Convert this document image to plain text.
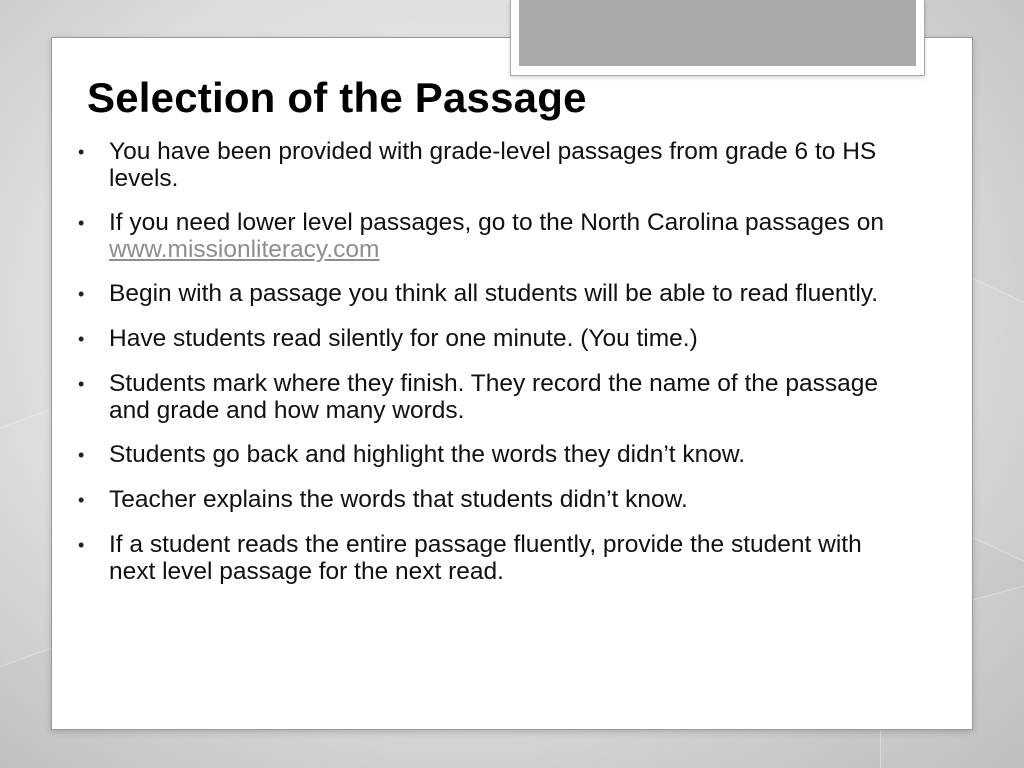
Selection of the Passage
•	You have been provided with grade-level passages from grade 6 to HS levels.
•	If you need lower level passages, go to the North Carolina passages on www.missionliteracy.com
•	Begin with a passage you think all students will be able to read fluently.
•	Have students read silently for one minute. (You time.)
•	Students mark where they finish. They record the name of the passage and grade and how many words.
•	Students go back and highlight the words they didn’t know.
•	Teacher explains the words that students didn’t know.
•	If a student reads the entire passage fluently, provide the student with next level passage for the next read.
